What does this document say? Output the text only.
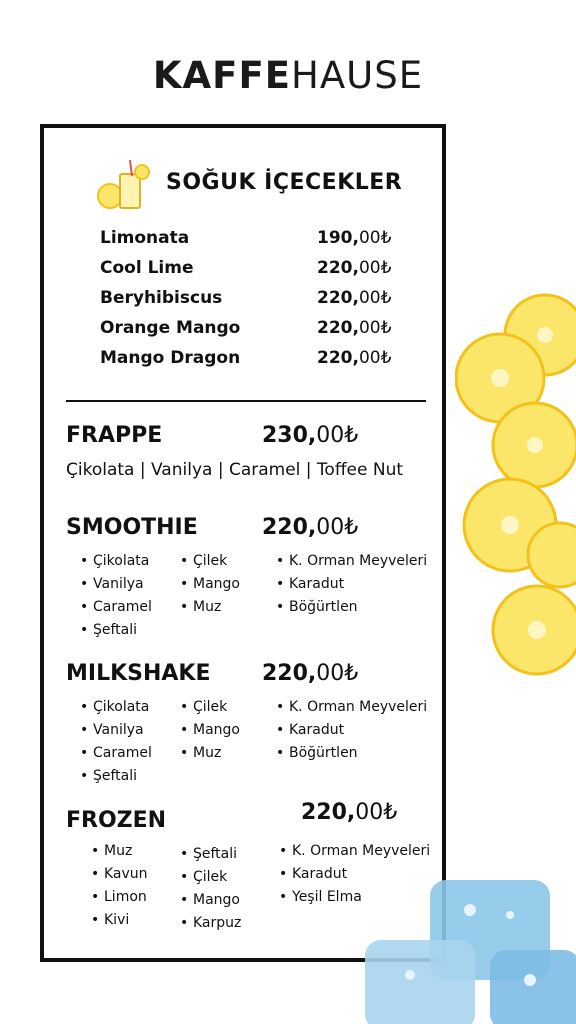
KAFFEHAUSE
SOĞUK İÇECEKLER
Limonata	190,00₺
Cool Lime	220,00₺
Beryhibiscus	220,00₺
Orange Mango	220,00₺
Mango Dragon	220,00₺
FRAPPE	230,00₺
Çikolata | Vanilya | Caramel | Toffee Nut
SMOOTHIE	220,00₺
• Çikolata
• Vanilya
• Caramel
• Şeftali
• Çilek
• Mango
• Muz
• K. Orman Meyveleri
• Karadut
• Böğürtlen
MILKSHAKE 220,00₺
• Çikolata
• Vanilya
• Caramel
• Şeftali
• Çilek
• Mango
• Muz
• K. Orman Meyveleri
• Karadut
• Böğürtlen
FROZEN	220,00₺
• Muz
• Kavun
• Limon
• Kivi
• Şeftali
• Çilek
• Mango
• Karpuz
• K. Orman Meyveleri
• Karadut
• Yeşil Elma
